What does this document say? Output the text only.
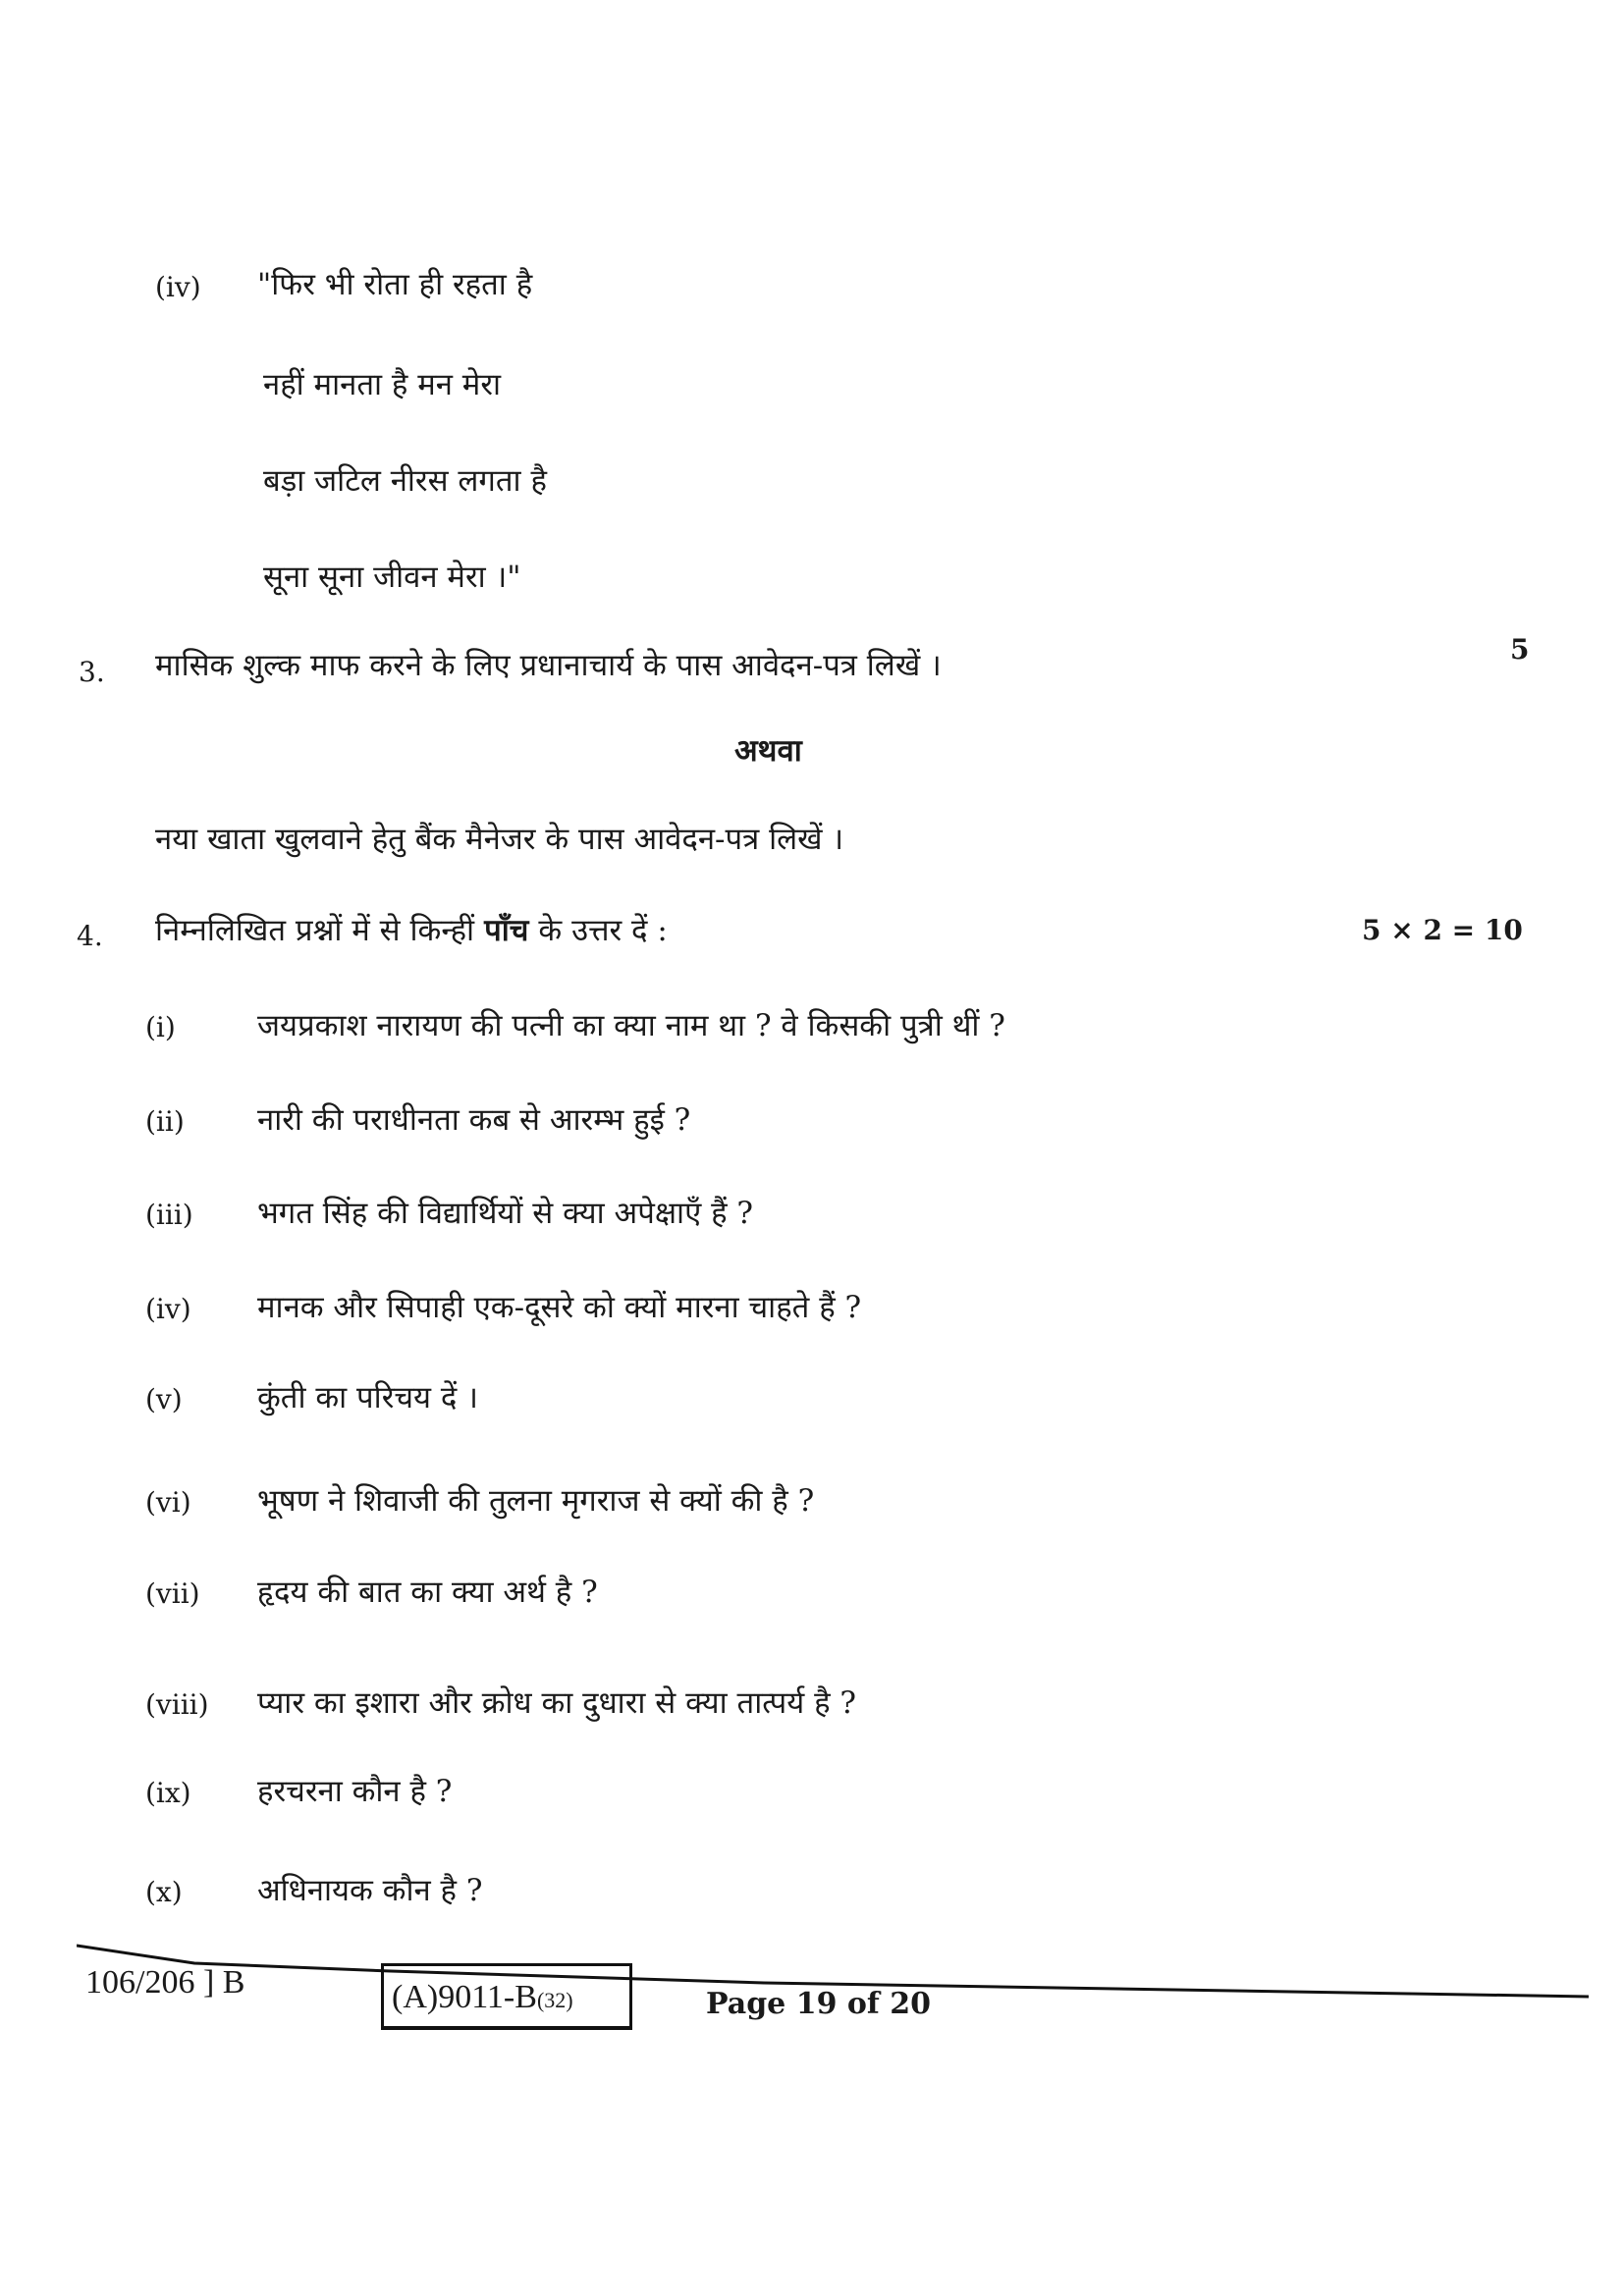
(iv) "फिर भी रोता ही रहता है
नहीं मानता है मन मेरा
बड़ा जटिल नीरस लगता है
सूना सूना जीवन मेरा ।"
3. मासिक शुल्क माफ करने के लिए प्रधानाचार्य के पास आवेदन-पत्र लिखें ।	5
अथवा
नया खाता खुलवाने हेतु बैंक मैनेजर के पास आवेदन-पत्र लिखें ।
4. निम्नलिखित प्रश्नों में से किन्हीं पाँच के उत्तर दें :	5 × 2 = 10
(i)	जयप्रकाश नारायण की पत्नी का क्या नाम था ? वे किसकी पुत्री थीं ?
(ii) नारी की पराधीनता कब से आरम्भ हुई ?
(iii) भगत सिंह की विद्यार्थियों से क्या अपेक्षाएँ हैं ?
(iv) मानक और सिपाही एक-दूसरे को क्यों मारना चाहते हैं ?
(v) कुंती का परिचय दें ।
(vi) भूषण ने शिवाजी की तुलना मृगराज से क्यों की है ?
(vii) हृदय की बात का क्या अर्थ है ?
(viii) प्यार का इशारा और क्रोध का दुधारा से क्या तात्पर्य है ?
(ix) हरचरना कौन है ?
(x) अधिनायक कौन है ?
106/206 ] B	(A)9011-B (32)	Page 19 of 20
